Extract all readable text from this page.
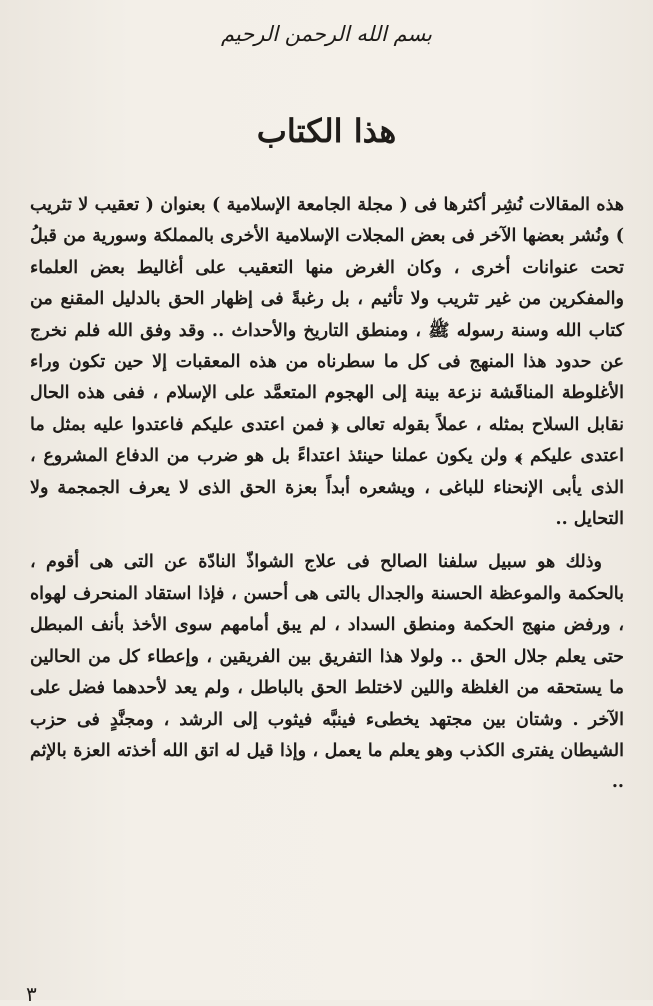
بسم الله الرحمن الرحيم
هذا الكتاب

هذه المقالات نُشِر أكثرها فى ( مجلة الجامعة الإسلامية ) بعنوان ( تعقيب لا تثريب ) ونُشر بعضها الآخر فى بعض المجلات الإسلامية الأخرى بالمملكة وسورية من قبلُ تحت عنوانات أخرى ، وكان الغرض منها التعقيب على أغاليط بعض العلماء والمفكرين من غير تثريب ولا تأثيم ، بل رغبةً فى إظهار الحق بالدليل المقنع من كتاب الله وسنة رسوله ﷺ ، ومنطق التاريخ والأحداث .. وقد وفق الله فلم نخرج عن حدود هذا المنهج فى كل ما سطرناه من هذه المعقبات إلا حين تكون وراء الأغلوطة المناقَشة نزعة بينة إلى الهجوم المتعمَّد على الإسلام ، ففى هذه الحال نقابل السلاح بمثله ، عملاً بقوله تعالى ﴿ فمن اعتدى عليكم فاعتدوا عليه بمثل ما اعتدى عليكم ﴾ ولن يكون عملنا حينئذ اعتداءً بل هو ضرب من الدفاع المشروع ، الذى يأبى الإنحناء للباغى ، ويشعره أبداً بعزة الحق الذى لا يعرف الجمجمة ولا التحايل ..

وذلك هو سبيل سلفنا الصالح فى علاج الشواذّ النادّة عن التى هى أقوم ، بالحكمة والموعظة الحسنة والجدال بالتى هى أحسن ، فإذا استقاد المنحرف لهواه ، ورفض منهج الحكمة ومنطق السداد ، لم يبق أمامهم سوى الأخذ بأنف المبطل حتى يعلم جلال الحق .. ولولا هذا التفريق بين الفريقين ، وإعطاء كل من الحالين ما يستحقه من الغلظة واللين لاختلط الحق بالباطل ، ولم يعد لأحدهما فضل على الآخر . وشتان بين مجتهد يخطىء فينبَّه فيثوب إلى الرشد ، ومجنَّدٍ فى حزب الشيطان يفترى الكذب وهو يعلم ما يعمل ، وإذا قيل له اتق الله أخذته العزة بالإثم ..

٣
